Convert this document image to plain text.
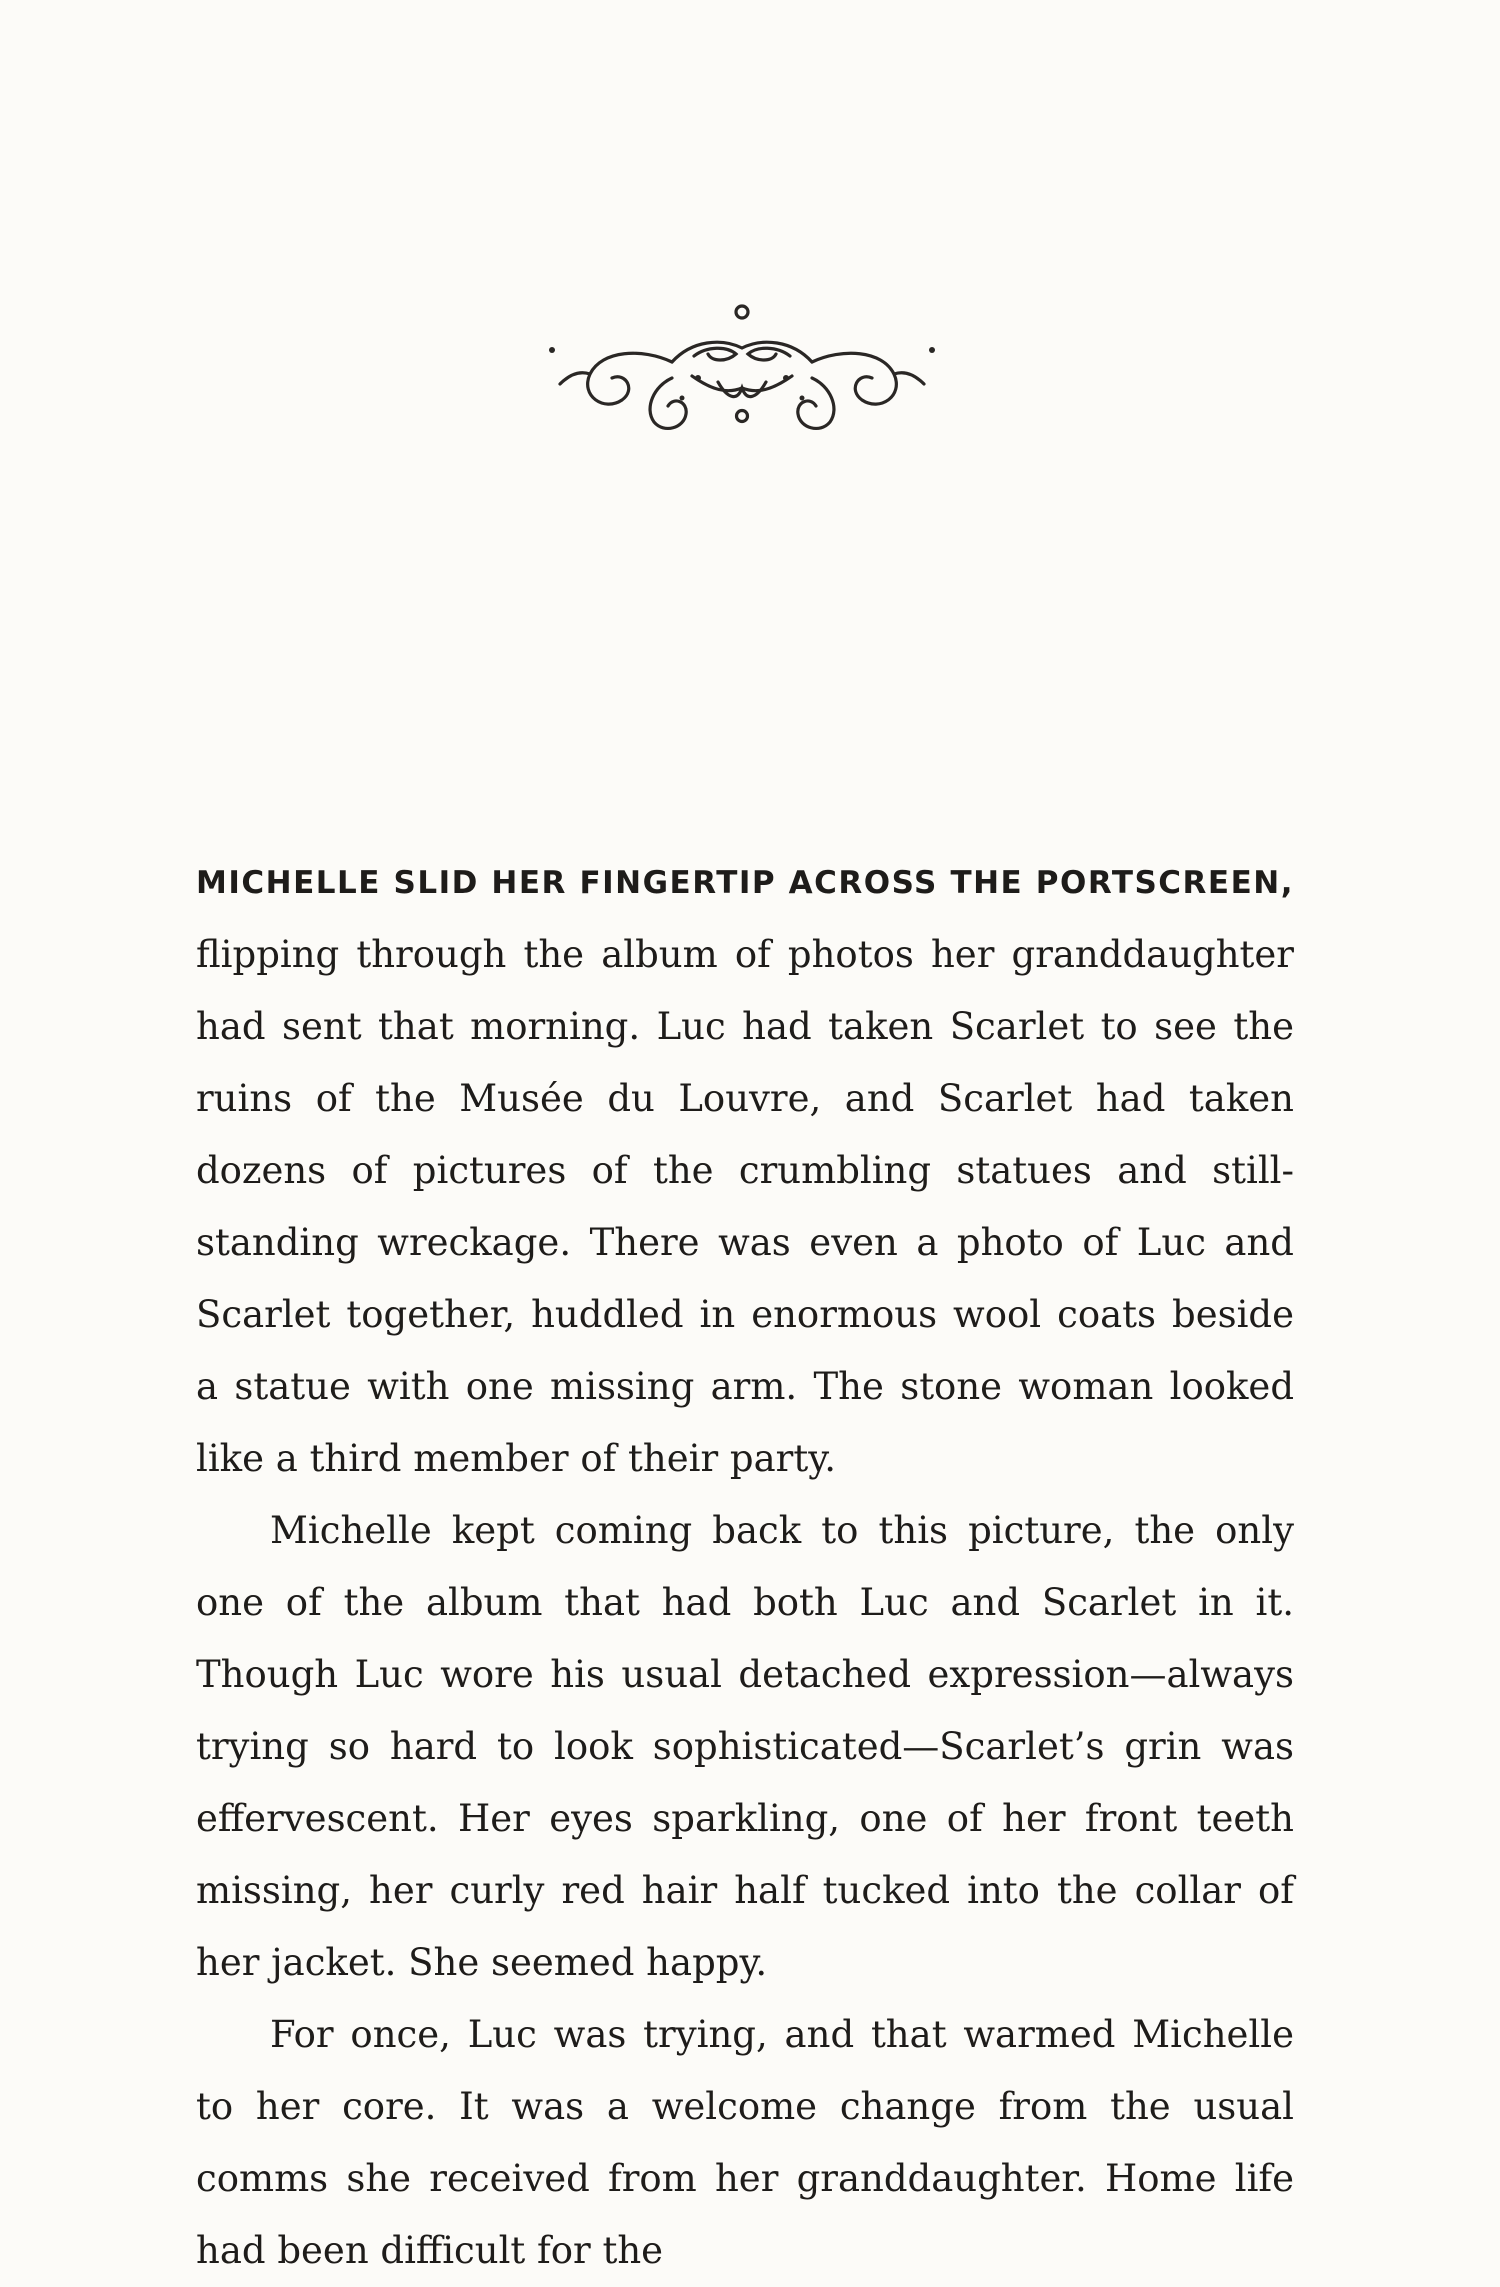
MICHELLE SLID HER FINGERTIP ACROSS THE PORTSCREEN, flipping through the album of photos her granddaughter had sent that morning. Luc had taken Scarlet to see the ruins of the Musée du Louvre, and Scarlet had taken dozens of pictures of the crumbling statues and still-standing wreckage. There was even a photo of Luc and Scarlet together, huddled in enormous wool coats beside a statue with one missing arm. The stone woman looked like a third member of their party.

Michelle kept coming back to this picture, the only one of the album that had both Luc and Scarlet in it. Though Luc wore his usual detached expression—always trying so hard to look sophisticated—Scarlet’s grin was effervescent. Her eyes sparkling, one of her front teeth missing, her curly red hair half tucked into the collar of her jacket. She seemed happy.

For once, Luc was trying, and that warmed Michelle to her core. It was a welcome change from the usual comms she received from her granddaughter. Home life had been difficult for the
